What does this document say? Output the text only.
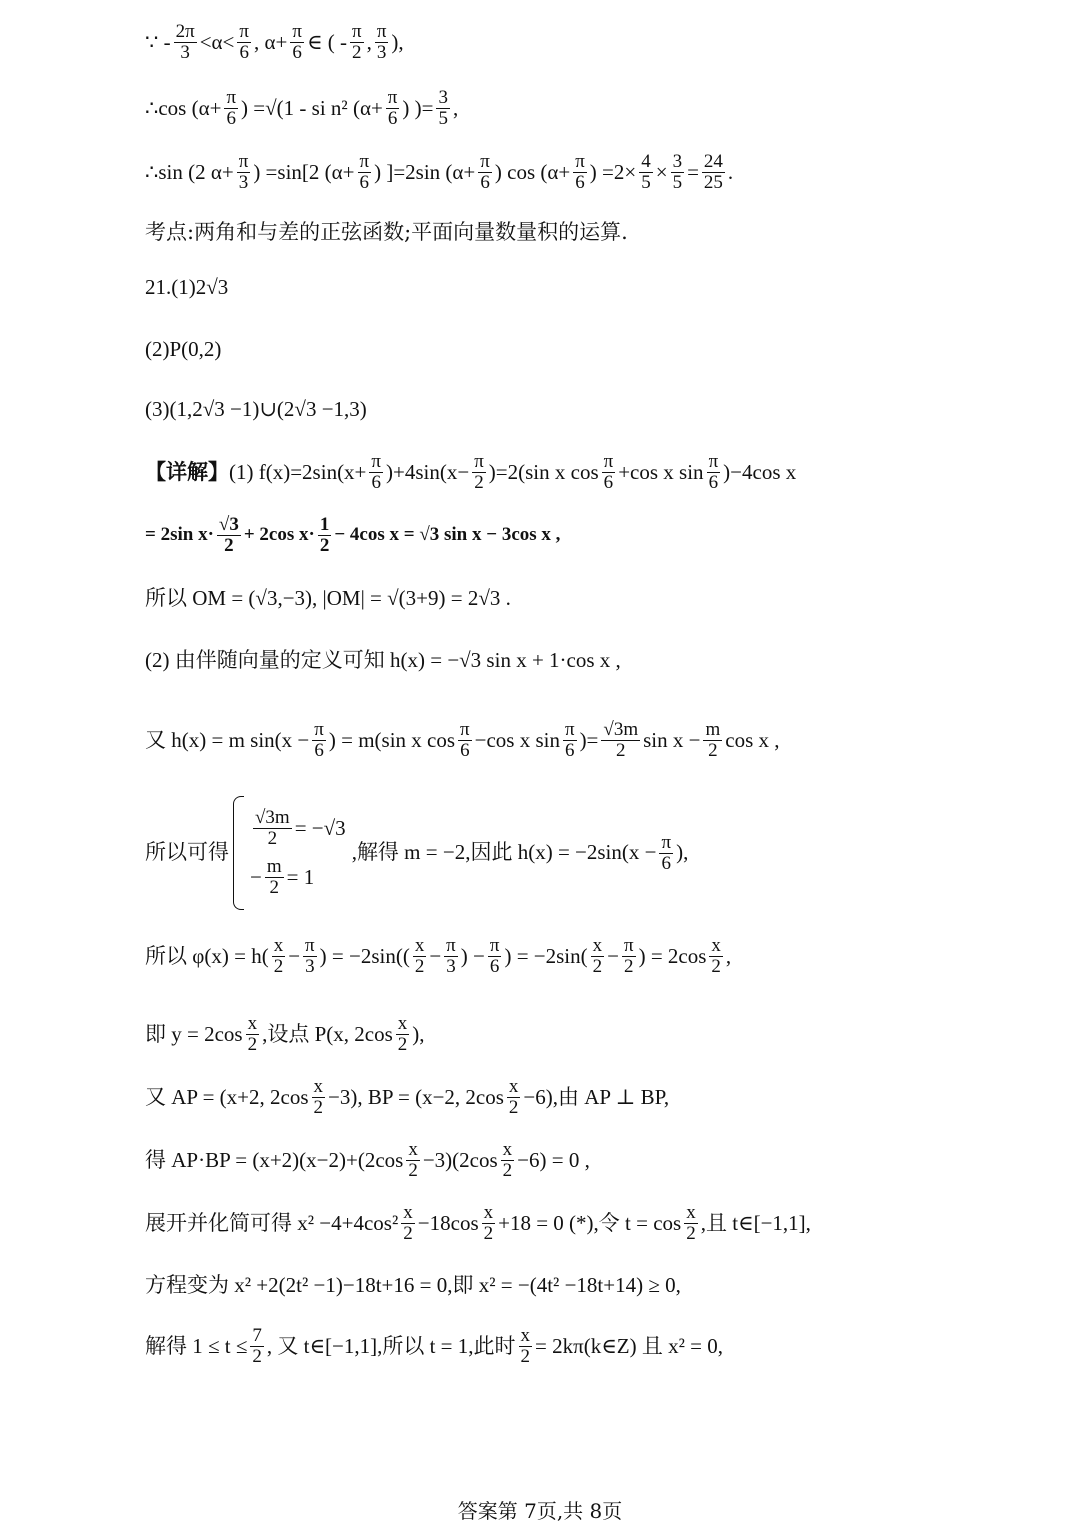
∵ - $\frac{2\pi}{3} <\alpha< \frac{\pi}{6}$ , $\alpha+ \frac{\pi}{6}$ ∈ ( - $\frac{\pi}{2}$ , $\frac{\pi}{3}$ ),
∴cos ($\alpha+ \frac{\pi}{6}$ ) =√(1 - si n² ($\alpha+ \frac{\pi}{6}$ ) )= $\frac{3}{5}$ ,
∴sin (2 $\alpha+ \frac{\pi}{3}$ ) =sin[2 ($\alpha+ \frac{\pi}{6}$ ) ]=2sin ($\alpha+ \frac{\pi}{6}$ ) $\cos (\alpha+ \frac{\pi}{6}$ ) $=2\times \frac{4}{5} \times \frac{3}{5} = \frac{24}{25}$ .
考点:两角和与差的正弦函数;平面向量数量积的运算.
21.(1)2√3
(2)P(0,2)
(3)(1,2√3 −1)∪(2√3 −1,3)
【详解】 (1) $f(x)=2\sin(x+ \frac{\pi}{6} )+4\sin(x- \frac{\pi}{2} )=2(\sin$ x $\cos \frac{\pi}{6} +\cos$ x $\sin \frac{\pi}{6} )-4\cos$ x
= 2sin $x\cdot \frac{√3}{2} + 2\cos$ $x\cdot \frac{1}{2} - 4\cos$ x = √3 sin x − 3cos x ,
所以 OM = (√3,−3), |OM| = √(3+9) = 2√3 .
(2) 由伴随向量的定义可知 h(x) = −√3 sin x + 1·cos x ,
又 h(x) = m $\sin(x - \frac{\pi}{6}$ ) = m(sin x $\cos \frac{\pi}{6} -\cos$ x $\sin \frac{\pi}{6}$ )= $\frac{√3m}{2}$ $\sin x - \frac{m}{2}$ cos x ,
所以可得
$\frac{√3m}{2} = -√3$
− $\frac{m}{2} = 1$
,解得 m = −2,因此 $h(x) = -2\sin(x - \frac{\pi}{6}$ ),
所以 $\varphi(x) = h( \frac{x}{2} - \frac{\pi}{3}$ ) = $-2\sin(( \frac{x}{2} - \frac{\pi}{3}$ ) − $\frac{\pi}{6}$ ) = $-2\sin( \frac{x}{2} - \frac{\pi}{2}$ ) = $2\cos \frac{x}{2}$ ,
即 $y = 2\cos \frac{x}{2}$ ,设点 P(x, $2\cos \frac{x}{2}$ ),
又 AP = (x+2, $2\cos \frac{x}{2} -3$), BP = (x−2, $2\cos \frac{x}{2} -6$),由 AP ⊥ BP,
得 $AP\cdot BP = (x+2)(x-2)+(2\cos \frac{x}{2} -3)(2\cos \frac{x}{2} -6) = 0$ ,
展开并化简可得 $x^2 -4+4\cos^2 \frac{x}{2} -18\cos \frac{x}{2} +18 = 0$ (*),令 $t = \cos \frac{x}{2}$ ,且 t∈[−1,1],
方程变为 x² +2(2t² −1)−18t+16 = 0,即 x² = −(4t² −18t+14) ≥ 0,
解得 $1 \le t \le \frac{7}{2}$ , 又 t∈[−1,1],所以 t = 1,此时 $\frac{x}{2}$ = 2kπ(k∈Z) 且 x² = 0,
答案第 7页,共 8页
